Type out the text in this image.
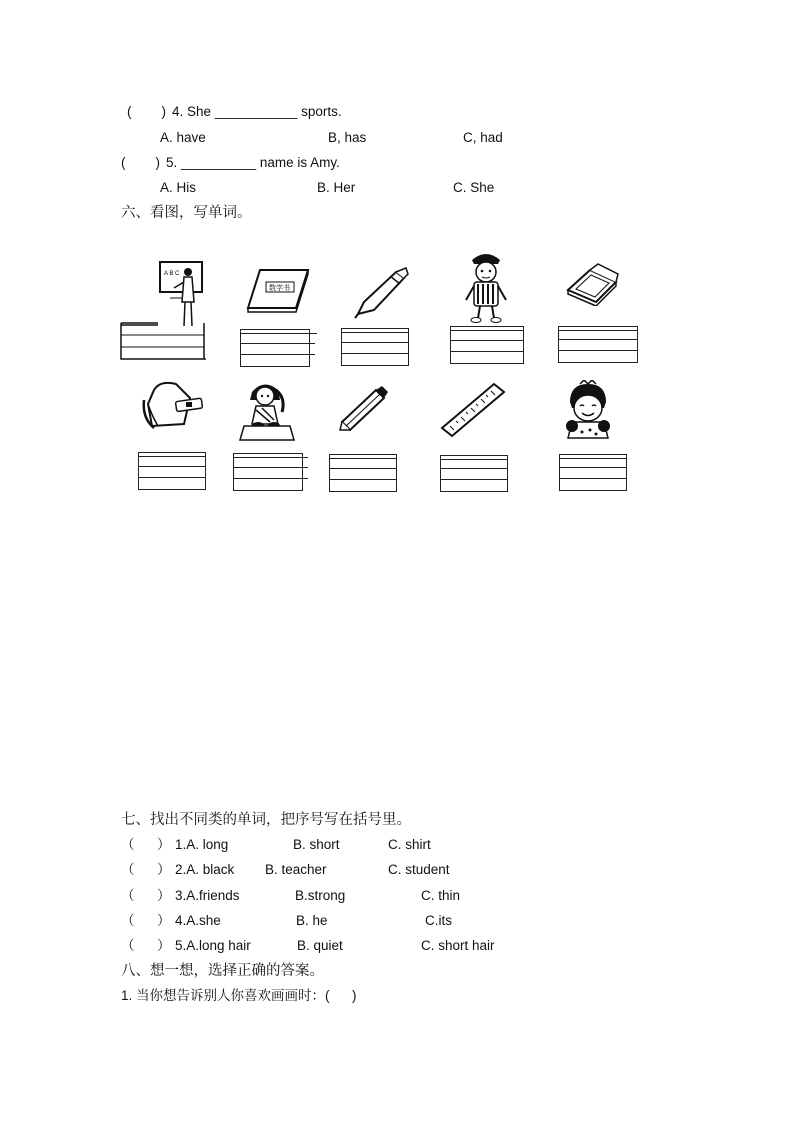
(        ) 4. She ___________ sports.
A. have	B, has	C, had
(        ) 5. __________ name is Amy.
A. His	B. Her	C. She
六、看图，写单词。
A B C
数学书
七、找出不同类的单词，把序号写在括号里。
（      ） 1.A. long	B. short	C. shirt
（      ） 2.A. black B. teacher	C. student
（      ） 3.A.friends	B.strong	C. thin
（      ） 4.A.she	B. he	C.its
（      ） 5.A.long hair	B. quiet	C. short hair
八、想一想，选择正确的答案。
1. 当你想告诉别人你喜欢画画时：(      )
